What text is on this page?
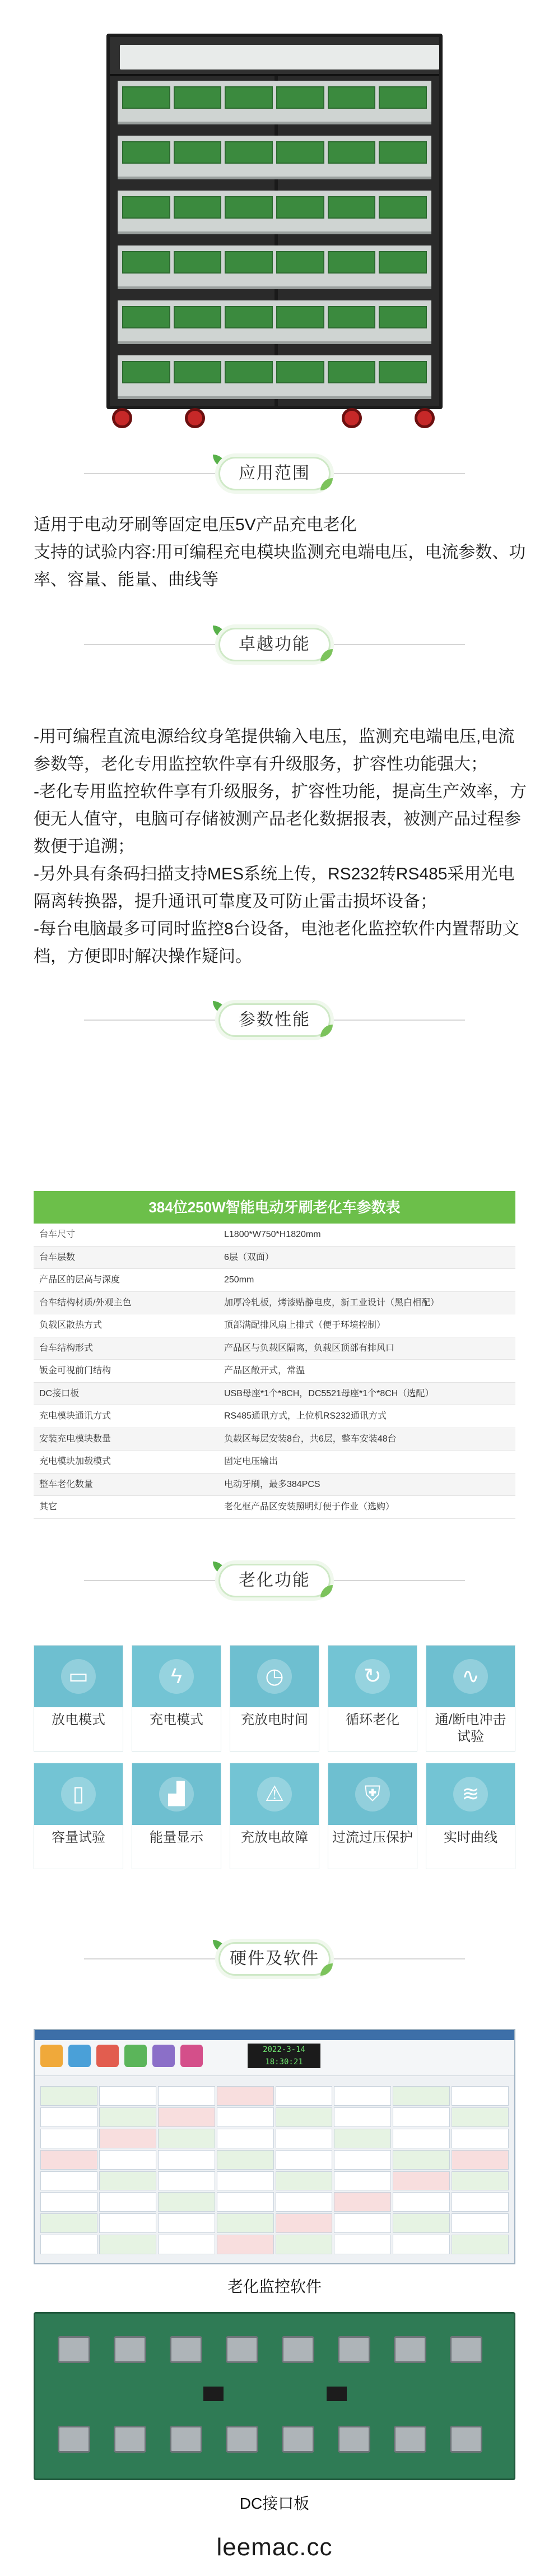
应用范围

适用于电动牙刷等固定电压5V产品充电老化

支持的试验内容:用可编程充电模块监测充电端电压，电流参数、功率、容量、能量、曲线等

卓越功能

-用可编程直流电源给纹身笔提供输入电压，监测充电端电压,电流参数等，老化专用监控软件享有升级服务，扩容性功能强大；

-老化专用监控软件享有升级服务，扩容性功能，提高生产效率，方便无人值守，电脑可存储被测产品老化数据报表，被测产品过程参数便于追溯；

-另外具有条码扫描支持MES系统上传，RS232转RS485采用光电隔离转换器，提升通讯可靠度及可防止雷击损坏设备；

-每台电脑最多可同时监控8台设备，电池老化监控软件内置帮助文档，方便即时解决操作疑问。

参数性能
384位250W智能电动牙刷老化车参数表
台车尺寸	L1800*W750*H1820mm
台车层数	6层（双面）
产品区的层高与深度	250mm
台车结构材质/外观主色	加厚冷轧板，烤漆贴静电皮，新工业设计（黑白相配）
负载区散热方式	顶部满配排风扇上排式（便于环境控制）
台车结构形式	产品区与负载区隔离，负载区顶部有排风口
钣金可视前门结构	产品区敞开式，常温
DC接口板	USB母座*1个*8CH，DC5521母座*1个*8CH（选配）
充电模块通讯方式	RS485通讯方式，上位机RS232通讯方式
安装充电模块数量	负载区每层安装8台，共6层，整车安装48台
充电模块加载模式	固定电压输出
整车老化数量	电动牙刷，最多384PCS
其它	老化框产品区安装照明灯便于作业（选购）
老化功能
▭
放电模式
ϟ
充电模式
◷
充放电时间
↻
循环老化
∿
通/断电冲击试验
▯
容量试验
▟
能量显示
⚠
充放电故障
⛨
过流过压保护
≋
实时曲线
硬件及软件
2022-3-14
18:30:21
老化监控软件
DC接口板
leemac.cc
